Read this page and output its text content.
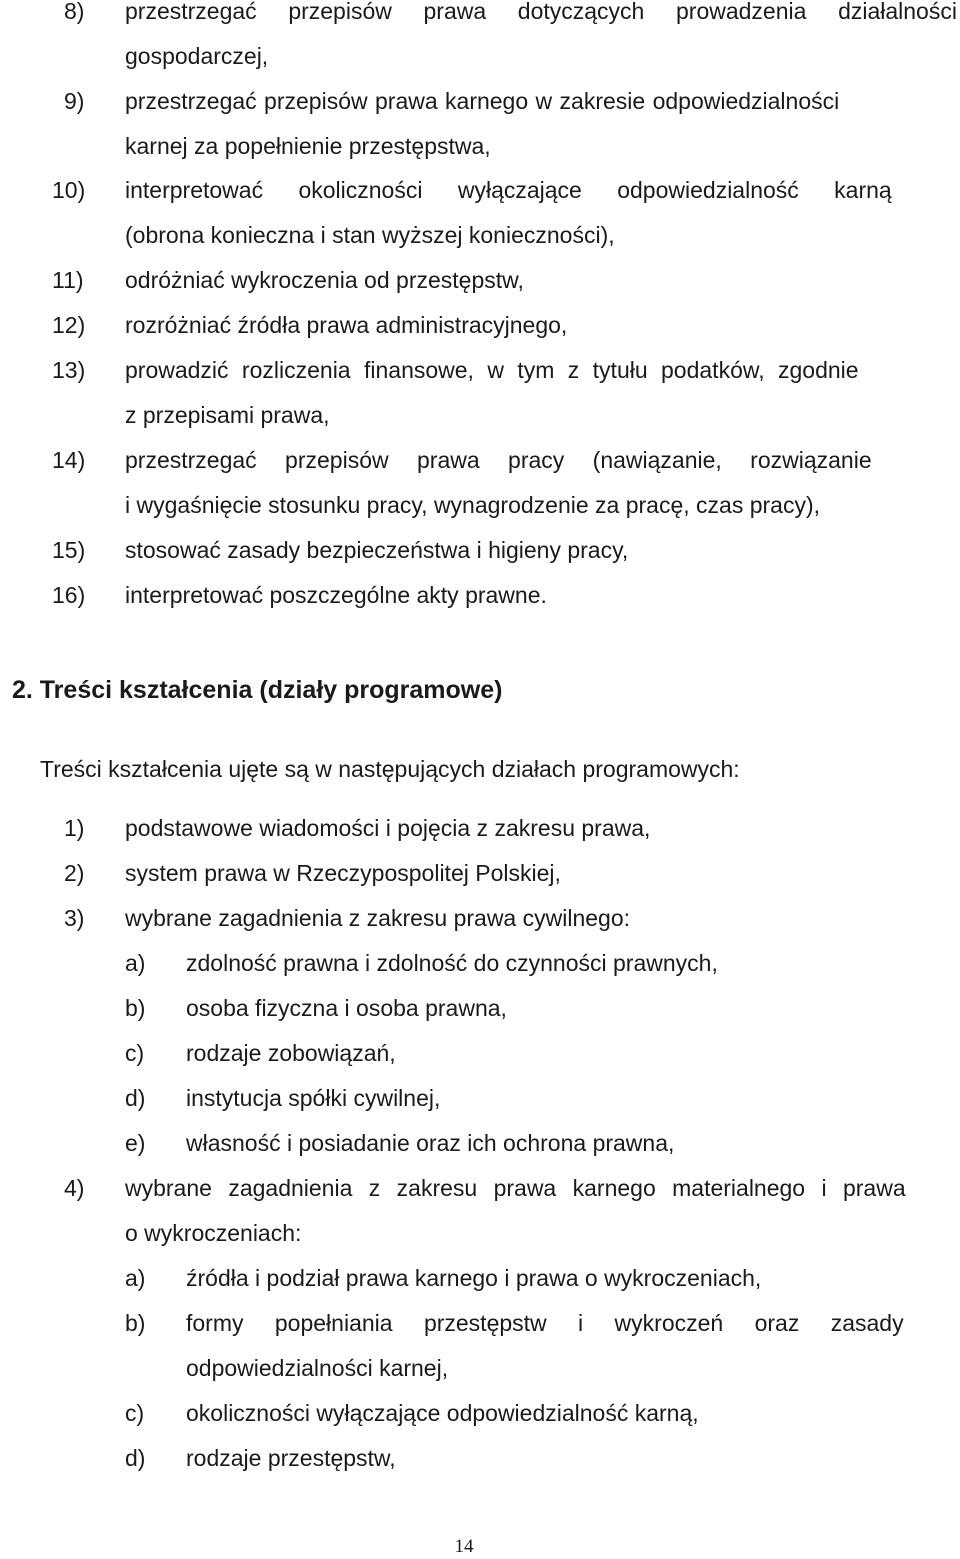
8) przestrzegać przepisów prawa dotyczących prowadzenia działalności
gospodarczej,
9) przestrzegać przepisów prawa karnego w zakresie odpowiedzialności
karnej za popełnienie przestępstwa,
10) interpretować okoliczności wyłączające odpowiedzialność karną
(obrona konieczna i stan wyższej konieczności),
11) odróżniać wykroczenia od przestępstw,
12) rozróżniać źródła prawa administracyjnego,
13) prowadzić rozliczenia finansowe, w tym z tytułu podatków, zgodnie
z przepisami prawa,
14) przestrzegać przepisów prawa pracy (nawiązanie, rozwiązanie
i wygaśnięcie stosunku pracy, wynagrodzenie za pracę, czas pracy),
15) stosować zasady bezpieczeństwa i higieny pracy,
16) interpretować poszczególne akty prawne.
2. Treści kształcenia (działy programowe)
Treści kształcenia ujęte są w następujących działach programowych:
1) podstawowe wiadomości i pojęcia z zakresu prawa,
2) system prawa w Rzeczypospolitej Polskiej,
3) wybrane zagadnienia z zakresu prawa cywilnego:
a) zdolność prawna i zdolność do czynności prawnych,
b) osoba fizyczna i osoba prawna,
c) rodzaje zobowiązań,
d) instytucja spółki cywilnej,
e) własność i posiadanie oraz ich ochrona prawna,
4) wybrane zagadnienia z zakresu prawa karnego materialnego i prawa
o wykroczeniach:
a) źródła i podział prawa karnego i prawa o wykroczeniach,
b) formy popełniania przestępstw i wykroczeń oraz zasady
odpowiedzialności karnej,
c) okoliczności wyłączające odpowiedzialność karną,
d) rodzaje przestępstw,
14
